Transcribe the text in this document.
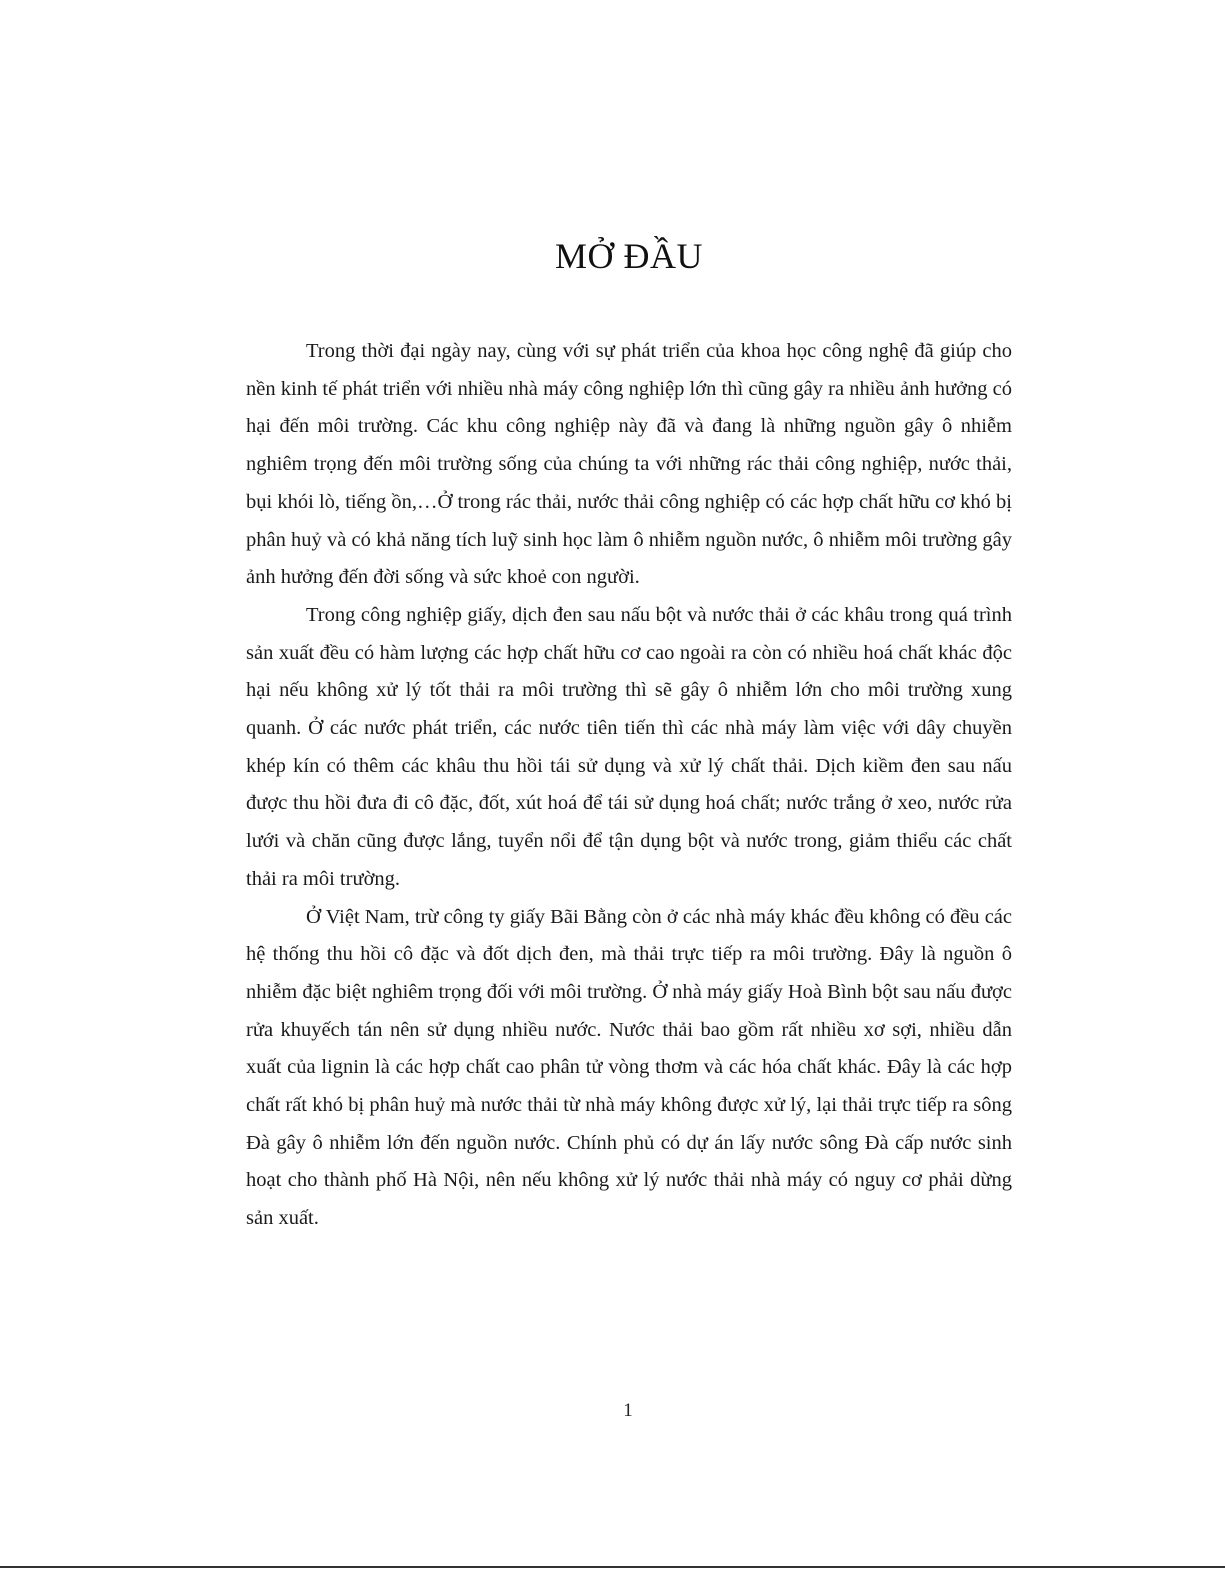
MỞ ĐẦU

Trong thời đại ngày nay, cùng với sự phát triển của khoa học công nghệ đã giúp cho nền kinh tế phát triển với nhiều nhà máy công nghiệp lớn thì cũng gây ra nhiều ảnh hưởng có hại đến môi trường. Các khu công nghiệp này đã và đang là những nguồn gây ô nhiễm nghiêm trọng đến môi trường sống của chúng ta với những rác thải công nghiệp, nước thải, bụi khói lò, tiếng ồn,…Ở trong rác thải, nước thải công nghiệp có các hợp chất hữu cơ khó bị phân huỷ và có khả năng tích luỹ sinh học làm ô nhiễm nguồn nước, ô nhiễm môi trường gây ảnh hưởng đến đời sống và sức khoẻ con người.

Trong công nghiệp giấy, dịch đen sau nấu bột và nước thải ở các khâu trong quá trình sản xuất đều có hàm lượng các hợp chất hữu cơ cao ngoài ra còn có nhiều hoá chất khác độc hại nếu không xử lý tốt thải ra môi trường thì sẽ gây ô nhiễm lớn cho môi trường xung quanh. Ở các nước phát triển, các nước tiên tiến thì các nhà máy làm việc với dây chuyền khép kín có thêm các khâu thu hồi tái sử dụng và xử lý chất thải. Dịch kiềm đen sau nấu được thu hồi đưa đi cô đặc, đốt, xút hoá để tái sử dụng hoá chất; nước trắng ở xeo, nước rửa lưới và chăn cũng được lắng, tuyển nổi để tận dụng bột và nước trong, giảm thiểu các chất thải ra môi trường.

Ở Việt Nam, trừ công ty giấy Bãi Bằng còn ở các nhà máy khác đều không có đều các hệ thống thu hồi cô đặc và đốt dịch đen, mà thải trực tiếp ra môi trường. Đây là nguồn ô nhiễm đặc biệt nghiêm trọng đối với môi trường. Ở nhà máy giấy Hoà Bình bột sau nấu được rửa khuyếch tán nên sử dụng nhiều nước. Nước thải bao gồm rất nhiều xơ sợi, nhiều dẫn xuất của lignin là các hợp chất cao phân tử vòng thơm và các hóa chất khác. Đây là các hợp chất rất khó bị phân huỷ mà nước thải từ nhà máy không được xử lý, lại thải trực tiếp ra sông Đà gây ô nhiễm lớn đến nguồn nước. Chính phủ có dự án lấy nước sông Đà cấp nước sinh hoạt cho thành phố Hà Nội, nên nếu không xử lý nước thải nhà máy có nguy cơ phải dừng sản xuất.

1
